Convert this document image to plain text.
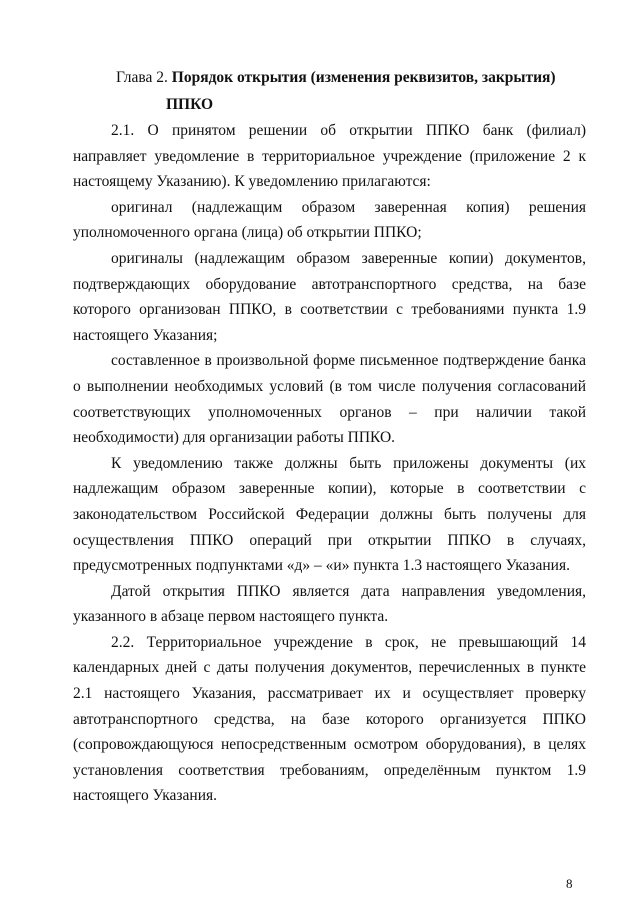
Глава 2. Порядок открытия (изменения реквизитов, закрытия)
ППКО

2.1. О принятом решении об открытии ППКО банк (филиал) направляет уведомление в территориальное учреждение (приложение 2 к настоящему Указанию). К уведомлению прилагаются:

оригинал (надлежащим образом заверенная копия) решения уполномоченного органа (лица) об открытии ППКО;

оригиналы (надлежащим образом заверенные копии) документов, подтверждающих оборудование автотранспортного средства, на базе которого организован ППКО, в соответствии с требованиями пункта 1.9 настоящего Указания;

составленное в произвольной форме письменное подтверждение банка о выполнении необходимых условий (в том числе получения согласований соответствующих уполномоченных органов – при наличии такой необходимости) для организации работы ППКО.

К уведомлению также должны быть приложены документы (их надлежащим образом заверенные копии), которые в соответствии с законодательством Российской Федерации должны быть получены для осуществления ППКО операций при открытии ППКО в случаях, предусмотренных подпунктами «д» – «и» пункта 1.3 настоящего Указания.

Датой открытия ППКО является дата направления уведомления, указанного в абзаце первом настоящего пункта.

2.2. Территориальное учреждение в срок, не превышающий 14 календарных дней с даты получения документов, перечисленных в пункте 2.1 настоящего Указания, рассматривает их и осуществляет проверку автотранспортного средства, на базе которого организуется ППКО (сопровождающуюся непосредственным осмотром оборудования), в целях установления соответствия требованиям, определённым пунктом 1.9 настоящего Указания.

8
